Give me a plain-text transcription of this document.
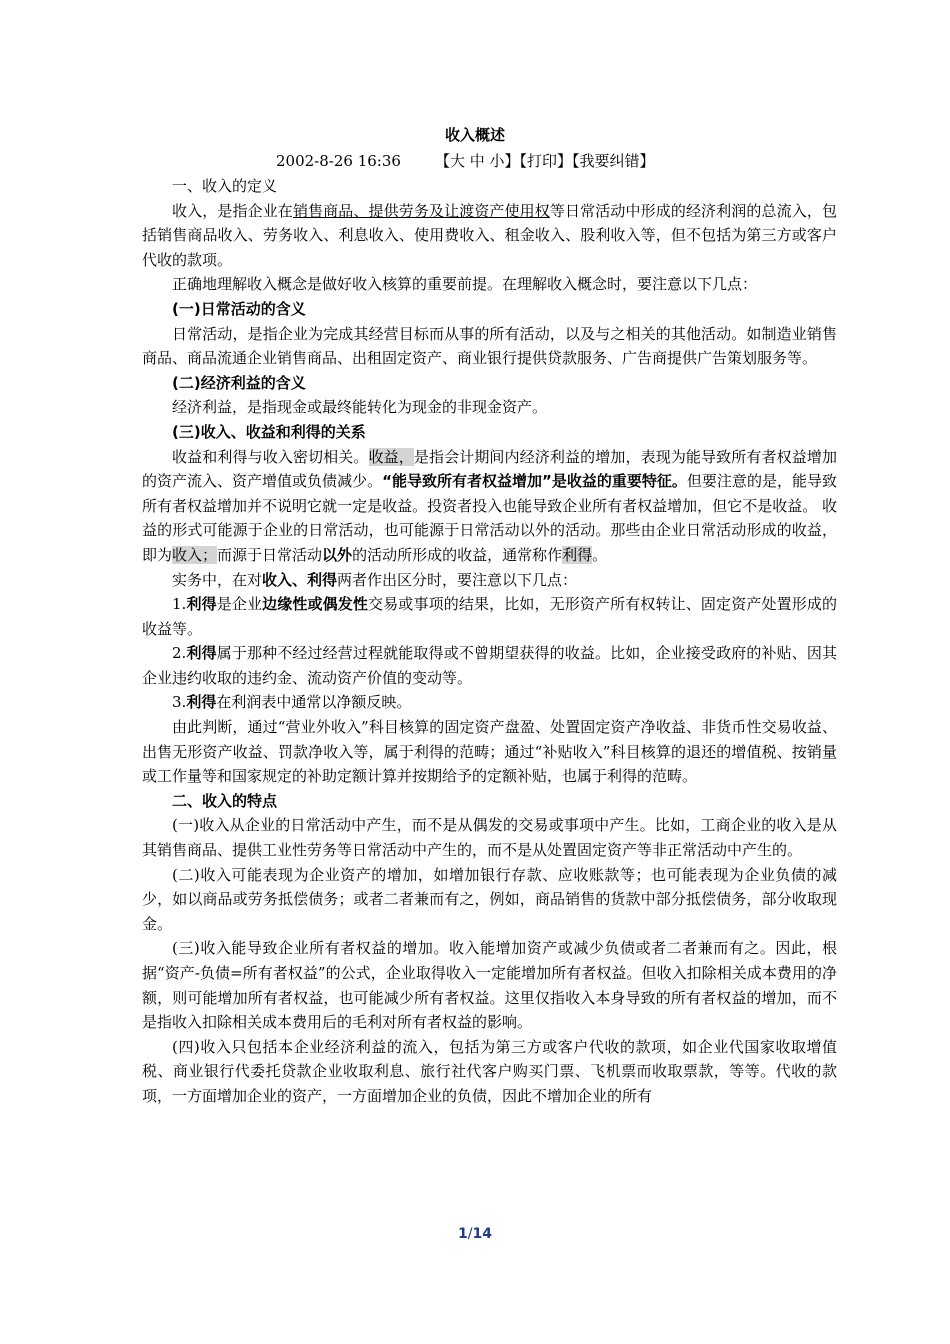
收入概述
2002-8-26 16:36 【大 中 小】【打印】【我要纠错】

一、收入的定义

收入，是指企业在销售商品、提供劳务及让渡资产使用权等日常活动中形成的经济利润的总流入，包括销售商品收入、劳务收入、利息收入、使用费收入、租金收入、股利收入等，但不包括为第三方或客户代收的款项。

正确地理解收入概念是做好收入核算的重要前提。在理解收入概念时，要注意以下几点：

(一)日常活动的含义

日常活动，是指企业为完成其经营目标而从事的所有活动，以及与之相关的其他活动。如制造业销售商品、商品流通企业销售商品、出租固定资产、商业银行提供贷款服务、广告商提供广告策划服务等。

(二)经济利益的含义

经济利益，是指现金或最终能转化为现金的非现金资产。

(三)收入、收益和利得的关系

收益和利得与收入密切相关。收益，是指会计期间内经济利益的增加，表现为能导致所有者权益增加的资产流入、资产增值或负债减少。“能导致所有者权益增加”是收益的重要特征。但要注意的是，能导致所有者权益增加并不说明它就一定是收益。投资者投入也能导致企业所有者权益增加，但它不是收益。 收益的形式可能源于企业的日常活动，也可能源于日常活动以外的活动。那些由企业日常活动形成的收益，即为收入；而源于日常活动以外的活动所形成的收益，通常称作利得。

实务中，在对收入、利得两者作出区分时，要注意以下几点：

1.利得是企业边缘性或偶发性交易或事项的结果，比如，无形资产所有权转让、固定资产处置形成的收益等。

2.利得属于那种不经过经营过程就能取得或不曾期望获得的收益。比如，企业接受政府的补贴、因其企业违约收取的违约金、流动资产价值的变动等。

3.利得在利润表中通常以净额反映。

由此判断，通过“营业外收入”科目核算的固定资产盘盈、处置固定资产净收益、非货币性交易收益、出售无形资产收益、罚款净收入等，属于利得的范畴；通过“补贴收入”科目核算的退还的增值税、按销量或工作量等和国家规定的补助定额计算并按期给予的定额补贴，也属于利得的范畴。

二、收入的特点

(一)收入从企业的日常活动中产生，而不是从偶发的交易或事项中产生。比如，工商企业的收入是从其销售商品、提供工业性劳务等日常活动中产生的，而不是从处置固定资产等非正常活动中产生的。

(二)收入可能表现为企业资产的增加，如增加银行存款、应收账款等；也可能表现为企业负债的减少，如以商品或劳务抵偿债务；或者二者兼而有之，例如，商品销售的货款中部分抵偿债务，部分收取现金。

(三)收入能导致企业所有者权益的增加。收入能增加资产或减少负债或者二者兼而有之。因此，根据“资产-负债=所有者权益”的公式，企业取得收入一定能增加所有者权益。但收入扣除相关成本费用的净额，则可能增加所有者权益，也可能减少所有者权益。这里仅指收入本身导致的所有者权益的增加，而不是指收入扣除相关成本费用后的毛利对所有者权益的影响。

(四)收入只包括本企业经济利益的流入，包括为第三方或客户代收的款项，如企业代国家收取增值税、商业银行代委托贷款企业收取利息、旅行社代客户购买门票、飞机票而收取票款，等等。代收的款项，一方面增加企业的资产，一方面增加企业的负债，因此不增加企业的所有

1/14
